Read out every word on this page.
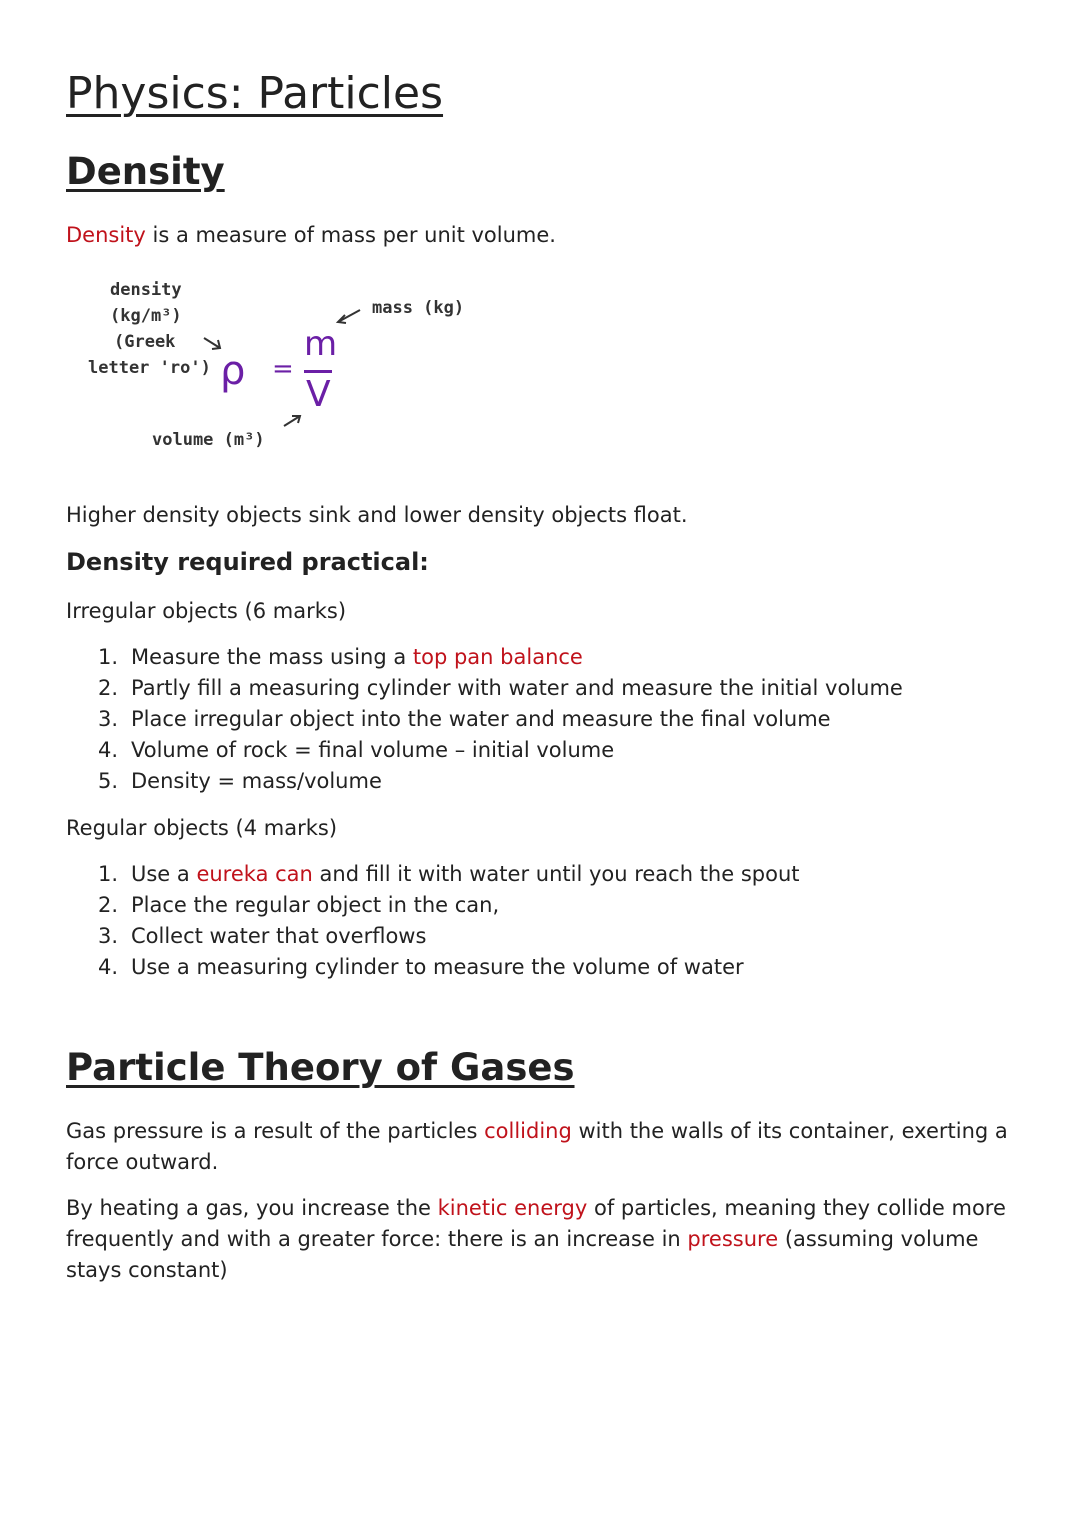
Physics: Particles
Density

Density is a measure of mass per unit volume.

Higher density objects sink and lower density objects float.

Density required practical:

Irregular objects (6 marks)

1. Measure the mass using a top pan balance
2. Partly fill a measuring cylinder with water and measure the initial volume
3. Place irregular object into the water and measure the final volume
4. Volume of rock = final volume – initial volume
5. Density = mass/volume

Regular objects (4 marks)

1. Use a eureka can and fill it with water until you reach the spout
2. Place the regular object in the can,
3. Collect water that overflows
4. Use a measuring cylinder to measure the volume of water
Particle Theory of Gases

Gas pressure is a result of the particles colliding with the walls of its container, exerting a force outward.

By heating a gas, you increase the kinetic energy of particles, meaning they collide more frequently and with a greater force: there is an increase in pressure (assuming volume stays constant)

density
(kg/m³)
(Greek
letter 'ro')
mass (kg)
volume (m³)
ρ =
m
V
